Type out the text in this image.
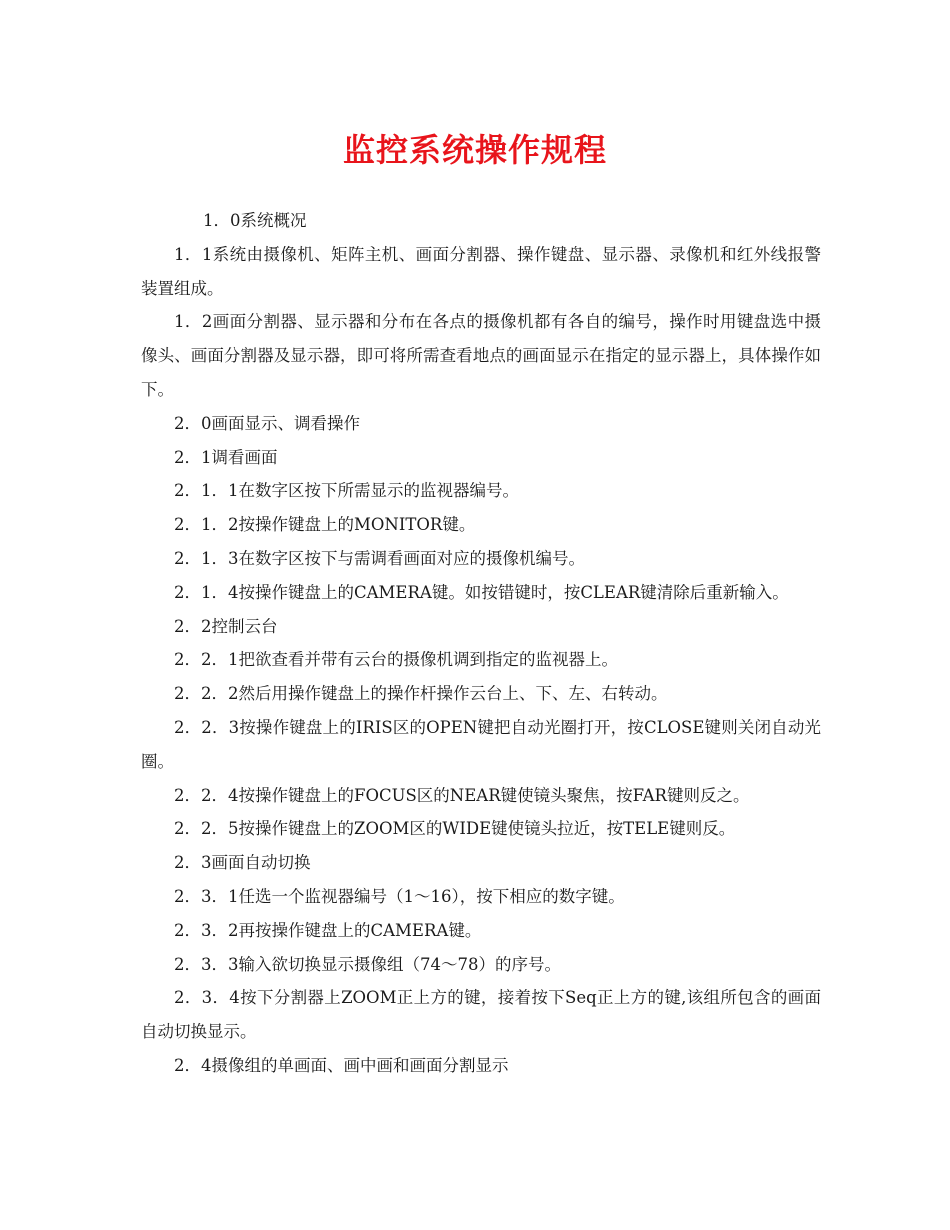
监控系统操作规程

1．0系统概况

1．1系统由摄像机、矩阵主机、画面分割器、操作键盘、显示器、录像机和红外线报警装置组成。

1．2画面分割器、显示器和分布在各点的摄像机都有各自的编号，操作时用键盘选中摄像头、画面分割器及显示器，即可将所需查看地点的画面显示在指定的显示器上，具体操作如下。

2．0画面显示、调看操作

2．1调看画面

2．1．1在数字区按下所需显示的监视器编号。

2．1．2按操作键盘上的MONITOR键。

2．1．3在数字区按下与需调看画面对应的摄像机编号。

2．1．4按操作键盘上的CAMERA键。如按错键时，按CLEAR键清除后重新输入。

2．2控制云台

2．2．1把欲查看并带有云台的摄像机调到指定的监视器上。

2．2．2然后用操作键盘上的操作杆操作云台上、下、左、右转动。

2．2．3按操作键盘上的IRIS区的OPEN键把自动光圈打开，按CLOSE键则关闭自动光圈。

2．2．4按操作键盘上的FOCUS区的NEAR键使镜头聚焦，按FAR键则反之。

2．2．5按操作键盘上的ZOOM区的WIDE键使镜头拉近，按TELE键则反。

2．3画面自动切换

2．3．1任选一个监视器编号（1～16），按下相应的数字键。

2．3．2再按操作键盘上的CAMERA键。

2．3．3输入欲切换显示摄像组（74～78）的序号。

2．3．4按下分割器上ZOOM正上方的键，接着按下Seq正上方的键,该组所包含的画面自动切换显示。

2．4摄像组的单画面、画中画和画面分割显示
